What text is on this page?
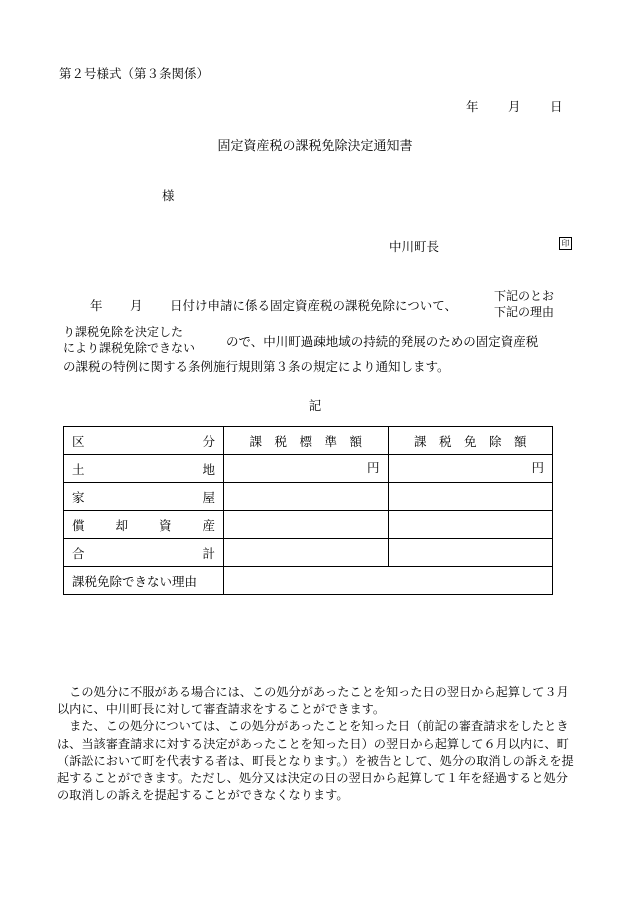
第２号様式（第３条関係）
年 月 日
固定資産税の課税免除決定通知書
様
中川町長	印
年 月 日付け申請に係る固定資産税の課税免除について、
下記のとお
下記の理由
り課税免除を決定した
により課税免除できない ので、中川町過疎地域の持続的発展のための固定資産税
の課税の特例に関する条例施行規則第３条の規定により通知します。
記
区 分	課　税　標　準　額	課　税　免　除　額

土 地	円	円

家 屋		

償 却 資 産		

合 計		

課税免除できない理由		

　この処分に不服がある場合には、この処分があったことを知った日の翌日から起算して３月以内に、中川町長に対して審査請求をすることができます。

　また、この処分については、この処分があったことを知った日（前記の審査請求をしたときは、当該審査請求に対する決定があったことを知った日）の翌日から起算して６月以内に、町（訴訟において町を代表する者は、町長となります。）を被告として、処分の取消しの訴えを提起することができます。ただし、処分又は決定の日の翌日から起算して１年を経過すると処分の取消しの訴えを提起することができなくなります。
